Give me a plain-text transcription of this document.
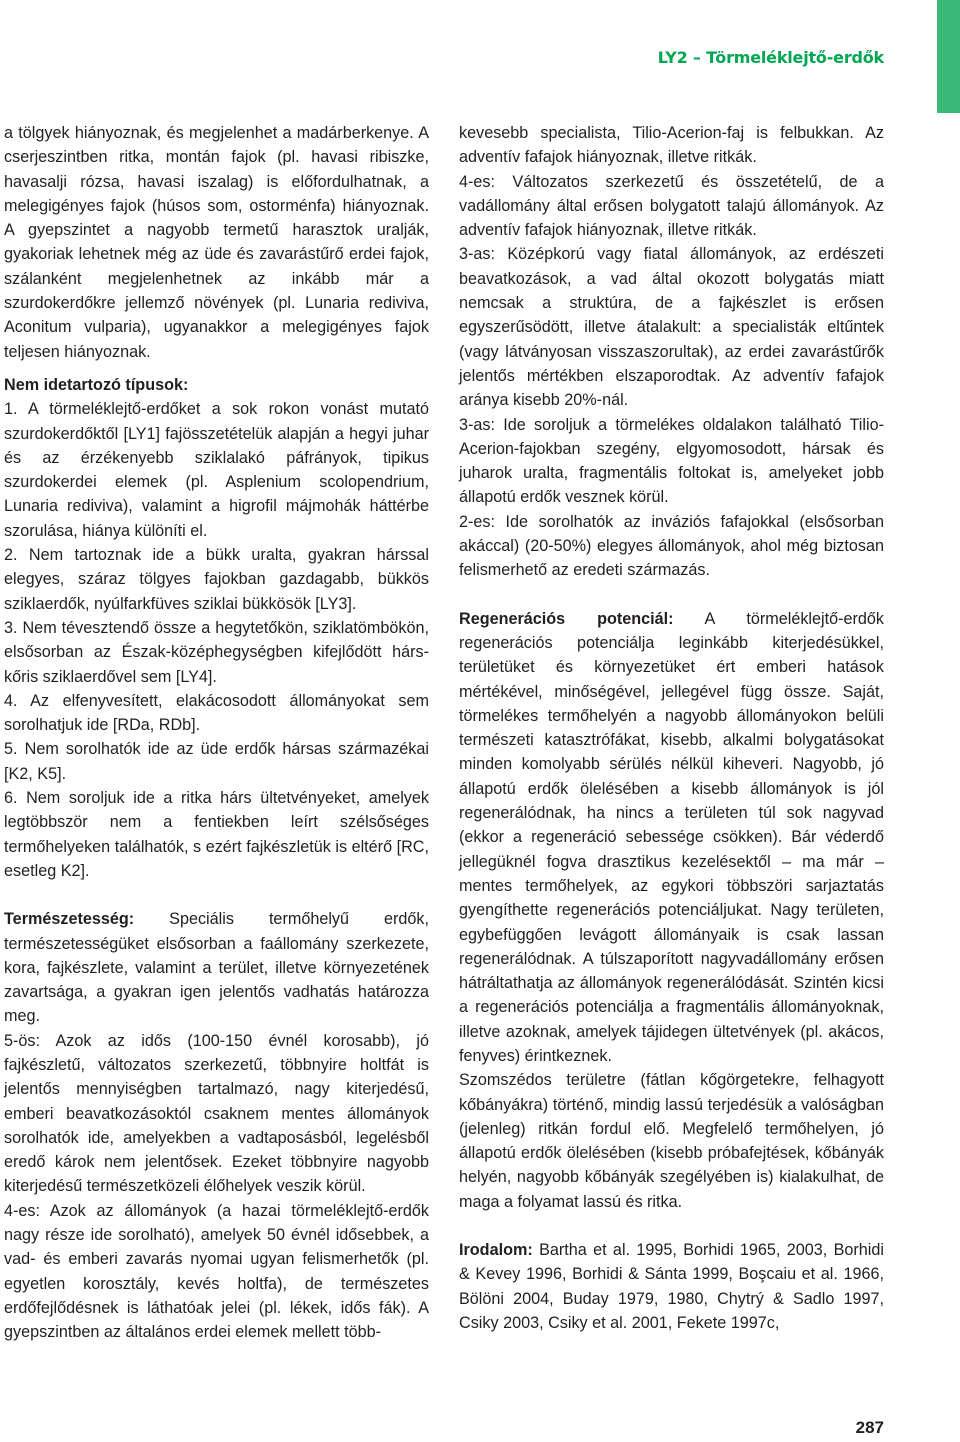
LY2 – Törmeléklejtő-erdők

a tölgyek hiányoznak, és megjelenhet a madárberkenye. A cserjeszintben ritka, montán fajok (pl. havasi ribiszke, havasalji rózsa, havasi iszalag) is előfordulhatnak, a melegigényes fajok (húsos som, ostorménfa) hiányoznak. A gyepszintet a nagyobb termetű harasztok uralják, gyakoriak lehetnek még az üde és zavarástűrő erdei fajok, szálanként megjelenhetnek az inkább már a szurdokerdőkre jellemző növények (pl. Lunaria rediviva, Aconitum vulparia), ugyanakkor a melegigényes fajok teljesen hiányoznak.

Nem idetartozó típusok:

1. A törmeléklejtő-erdőket a sok rokon vonást mutató szurdokerdőktől [LY1] fajösszetételük alapján a hegyi juhar és az érzékenyebb sziklalakó páfrányok, tipikus szurdokerdei elemek (pl. Asplenium scolopendrium, Lunaria rediviva), valamint a higrofil májmohák háttérbe szorulása, hiánya különíti el.

2. Nem tartoznak ide a bükk uralta, gyakran hárssal elegyes, száraz tölgyes fajokban gazdagabb, bükkös sziklaerdők, nyúlfarkfüves sziklai bükkösök [LY3].

3. Nem tévesztendő össze a hegytetőkön, sziklatömbökön, elsősorban az Észak-középhegységben kifejlődött hárs-kőris sziklaerdővel sem [LY4].

4. Az elfenyvesített, elakácosodott állományokat sem sorolhatjuk ide [RDa, RDb].

5. Nem sorolhatók ide az üde erdők hársas származékai [K2, K5].

6. Nem soroljuk ide a ritka hárs ültetvényeket, amelyek legtöbbször nem a fentiekben leírt szélsőséges termőhelyeken találhatók, s ezért fajkészletük is eltérő [RC, esetleg K2].

Természetesség: Speciális termőhelyű erdők, természetességüket elsősorban a faállomány szerkezete, kora, fajkészlete, valamint a terület, illetve környezetének zavartsága, a gyakran igen jelentős vadhatás határozza meg.

5-ös: Azok az idős (100-150 évnél korosabb), jó fajkészletű, változatos szerkezetű, többnyire holtfát is jelentős mennyiségben tartalmazó, nagy kiterjedésű, emberi beavatkozásoktól csaknem mentes állományok sorolhatók ide, amelyekben a vadtaposásból, legelésből eredő károk nem jelentősek. Ezeket többnyire nagyobb kiterjedésű természetközeli élőhelyek veszik körül.

4-es: Azok az állományok (a hazai törmeléklejtő-erdők nagy része ide sorolható), amelyek 50 évnél idősebbek, a vad- és emberi zavarás nyomai ugyan felismerhetők (pl. egyetlen korosztály, kevés holtfa), de természetes erdőfejlődésnek is láthatóak jelei (pl. lékek, idős fák). A gyepszintben az általános erdei elemek mellett több-

kevesebb specialista, Tilio-Acerion-faj is felbukkan. Az adventív fafajok hiányoznak, illetve ritkák.

4-es: Változatos szerkezetű és összetételű, de a vadállomány által erősen bolygatott talajú állományok. Az adventív fafajok hiányoznak, illetve ritkák.

3-as: Középkorú vagy fiatal állományok, az erdészeti beavatkozások, a vad által okozott bolygatás miatt nemcsak a struktúra, de a fajkészlet is erősen egyszerűsödött, illetve átalakult: a specialisták eltűntek (vagy látványosan visszaszorultak), az erdei zavarástűrők jelentős mértékben elszaporodtak. Az adventív fafajok aránya kisebb 20%-nál.

3-as: Ide soroljuk a törmelékes oldalakon található Tilio-Acerion-fajokban szegény, elgyomosodott, hársak és juharok uralta, fragmentális foltokat is, amelyeket jobb állapotú erdők vesznek körül.

2-es: Ide sorolhatók az inváziós fafajokkal (elsősorban akáccal) (20-50%) elegyes állományok, ahol még biztosan felismerhető az eredeti származás.

Regenerációs potenciál: A törmeléklejtő-erdők regenerációs potenciálja leginkább kiterjedésükkel, területüket és környezetüket ért emberi hatások mértékével, minőségével, jellegével függ össze. Saját, törmelékes termőhelyén a nagyobb állományokon belüli természeti katasztrófákat, kisebb, alkalmi bolygatásokat minden komolyabb sérülés nélkül kiheveri. Nagyobb, jó állapotú erdők ölelésében a kisebb állományok is jól regenerálódnak, ha nincs a területen túl sok nagyvad (ekkor a regeneráció sebessége csökken). Bár véderdő jellegüknél fogva drasztikus kezelésektől – ma már – mentes termőhelyek, az egykori többszöri sarjaztatás gyengíthette regenerációs potenciáljukat. Nagy területen, egybefüggően levágott állományaik is csak lassan regenerálódnak. A túlszaporított nagyvadállomány erősen hátráltathatja az állományok regenerálódását. Szintén kicsi a regenerációs potenciálja a fragmentális állományoknak, illetve azoknak, amelyek tájidegen ültetvények (pl. akácos, fenyves) érintkeznek.

Szomszédos területre (fátlan kőgörgetekre, felhagyott kőbányákra) történő, mindig lassú terjedésük a valóságban (jelenleg) ritkán fordul elő. Megfelelő termőhelyen, jó állapotú erdők ölelésében (kisebb próbafejtések, kőbányák helyén, nagyobb kőbányák szegélyében is) kialakulhat, de maga a folyamat lassú és ritka.

Irodalom: Bartha et al. 1995, Borhidi 1965, 2003, Borhidi & Kevey 1996, Borhidi & Sánta 1999, Boşcaiu et al. 1966, Bölöni 2004, Buday 1979, 1980, Chytrý & Sadlo 1997, Csiky 2003, Csiky et al. 2001, Fekete 1997c,

287
